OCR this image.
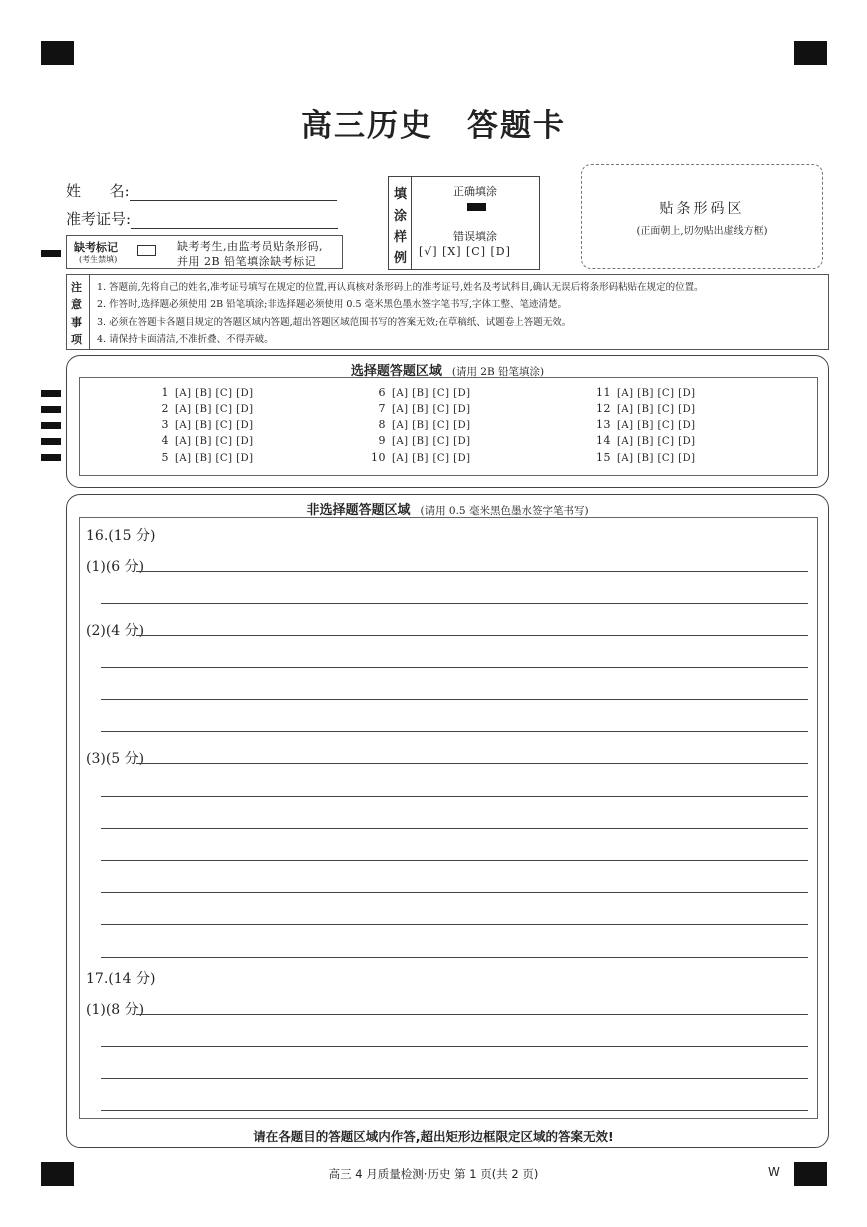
高三历史 答题卡
姓      名:
准考证号:
缺考标记
(考生禁填)
缺考考生,由监考员贴条形码,
并用 2B 铅笔填涂缺考标记
填
涂
样
例
正确填涂
错误填涂
[√] [X] [C] [D]
贴条形码区
(正面朝上,切勿贴出虚线方框)
注
意
事
项
1. 答题前,先将自己的姓名,准考证号填写在规定的位置,再认真核对条形码上的准考证号,姓名及考试科目,确认无误后将条形码粘贴在规定的位置。
2. 作答时,选择题必须使用 2B 铅笔填涂;非选择题必须使用 0.5 毫米黑色墨水签字笔书写,字体工整、笔迹清楚。
3. 必须在答题卡各题目规定的答题区域内答题,超出答题区域范围书写的答案无效;在草稿纸、试题卷上答题无效。
4. 请保持卡面清洁,不准折叠、不得弄破。
选择题答题区域 (请用 2B 铅笔填涂)
1 [A] [B] [C] [D]
2 [A] [B] [C] [D]
3 [A] [B] [C] [D]
4 [A] [B] [C] [D]
5 [A] [B] [C] [D]
6 [A] [B] [C] [D]
7 [A] [B] [C] [D]
8 [A] [B] [C] [D]
9 [A] [B] [C] [D]
10 [A] [B] [C] [D]
11 [A] [B] [C] [D]
12 [A] [B] [C] [D]
13 [A] [B] [C] [D]
14 [A] [B] [C] [D]
15 [A] [B] [C] [D]
非选择题答题区域 (请用 0.5 毫米黑色墨水签字笔书写)
16.(15 分)
(1)(6 分)
(2)(4 分)
(3)(5 分)
17.(14 分)
(1)(8 分)
请在各题目的答题区域内作答,超出矩形边框限定区域的答案无效!
高三 4 月质量检测·历史 第 1 页(共 2 页)	W
